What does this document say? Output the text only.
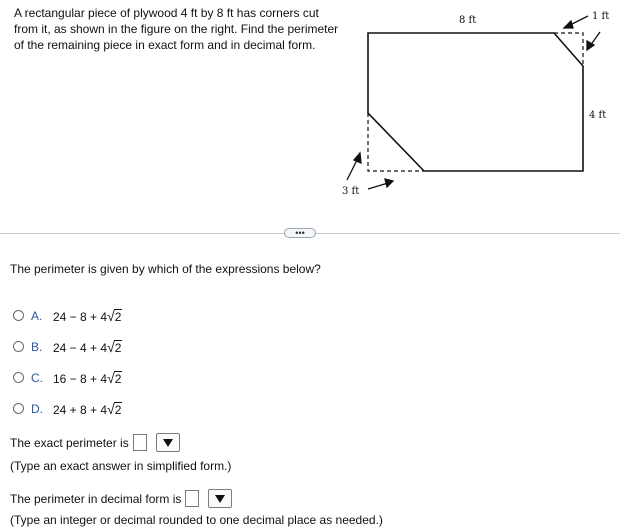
A rectangular piece of plywood 4 ft by 8 ft has corners cut from it, as shown in the figure on the right. Find the perimeter of the remaining piece in exact form and in decimal form.
8 ft	1 ft
4 ft
3 ft
•••
The perimeter is given by which of the expressions below?
A. 24 − 8 + 4√2
B. 24 − 4 + 4√2
C. 16 − 8 + 4√2
D. 24 + 8 + 4√2
The exact perimeter is
(Type an exact answer in simplified form.)
The perimeter in decimal form is
(Type an integer or decimal rounded to one decimal place as needed.)
